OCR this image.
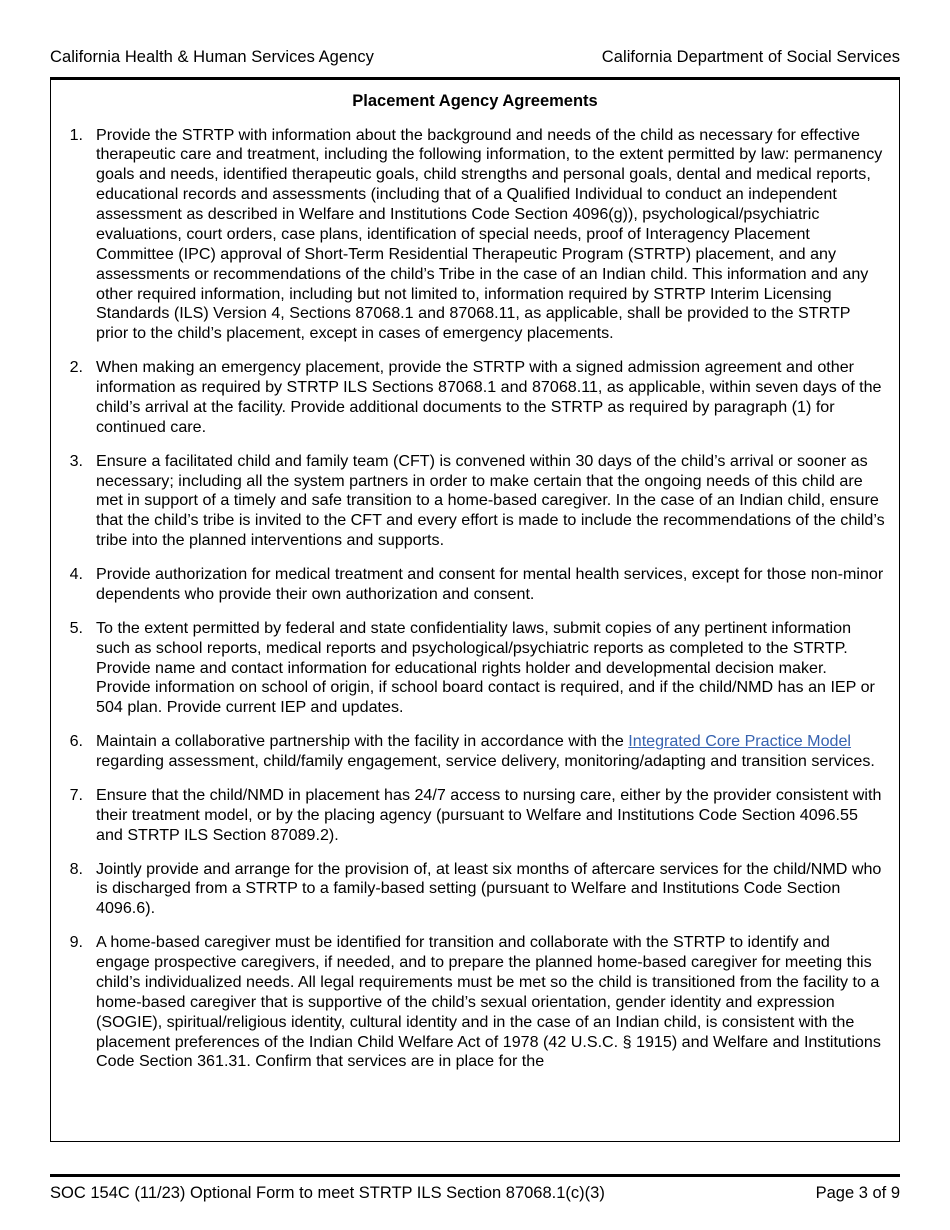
California Health & Human Services Agency	California Department of Social Services
Placement Agency Agreements
1. Provide the STRTP with information about the background and needs of the child as necessary for effective therapeutic care and treatment, including the following information, to the extent permitted by law: permanency goals and needs, identified therapeutic goals, child strengths and personal goals, dental and medical reports, educational records and assessments (including that of a Qualified Individual to conduct an independent assessment as described in Welfare and Institutions Code Section 4096(g)), psychological/psychiatric evaluations, court orders, case plans, identification of special needs, proof of Interagency Placement Committee (IPC) approval of Short-Term Residential Therapeutic Program (STRTP) placement, and any assessments or recommendations of the child’s Tribe in the case of an Indian child. This information and any other required information, including but not limited to, information required by STRTP Interim Licensing Standards (ILS) Version 4, Sections 87068.1 and 87068.11, as applicable, shall be provided to the STRTP prior to the child’s placement, except in cases of emergency placements.
2. When making an emergency placement, provide the STRTP with a signed admission agreement and other information as required by STRTP ILS Sections 87068.1 and 87068.11, as applicable, within seven days of the child’s arrival at the facility. Provide additional documents to the STRTP as required by paragraph (1) for continued care.
3. Ensure a facilitated child and family team (CFT) is convened within 30 days of the child’s arrival or sooner as necessary; including all the system partners in order to make certain that the ongoing needs of this child are met in support of a timely and safe transition to a home-based caregiver. In the case of an Indian child, ensure that the child’s tribe is invited to the CFT and every effort is made to include the recommendations of the child’s tribe into the planned interventions and supports.
4. Provide authorization for medical treatment and consent for mental health services, except for those non-minor dependents who provide their own authorization and consent.
5. To the extent permitted by federal and state confidentiality laws, submit copies of any pertinent information such as school reports, medical reports and psychological/psychiatric reports as completed to the STRTP. Provide name and contact information for educational rights holder and developmental decision maker. Provide information on school of origin, if school board contact is required, and if the child/NMD has an IEP or 504 plan. Provide current IEP and updates.
6. Maintain a collaborative partnership with the facility in accordance with the Integrated Core Practice Model regarding assessment, child/family engagement, service delivery, monitoring/adapting and transition services.
7. Ensure that the child/NMD in placement has 24/7 access to nursing care, either by the provider consistent with their treatment model, or by the placing agency (pursuant to Welfare and Institutions Code Section 4096.55 and STRTP ILS Section 87089.2).
8. Jointly provide and arrange for the provision of, at least six months of aftercare services for the child/NMD who is discharged from a STRTP to a family-based setting (pursuant to Welfare and Institutions Code Section 4096.6).
9. A home-based caregiver must be identified for transition and collaborate with the STRTP to identify and engage prospective caregivers, if needed, and to prepare the planned home-based caregiver for meeting this child’s individualized needs. All legal requirements must be met so the child is transitioned from the facility to a home-based caregiver that is supportive of the child’s sexual orientation, gender identity and expression (SOGIE), spiritual/religious identity, cultural identity and in the case of an Indian child, is consistent with the placement preferences of the Indian Child Welfare Act of 1978 (42 U.S.C. § 1915) and Welfare and Institutions Code Section 361.31. Confirm that services are in place for the
SOC 154C (11/23) Optional Form to meet STRTP ILS Section 87068.1(c)(3)	Page 3 of 9
